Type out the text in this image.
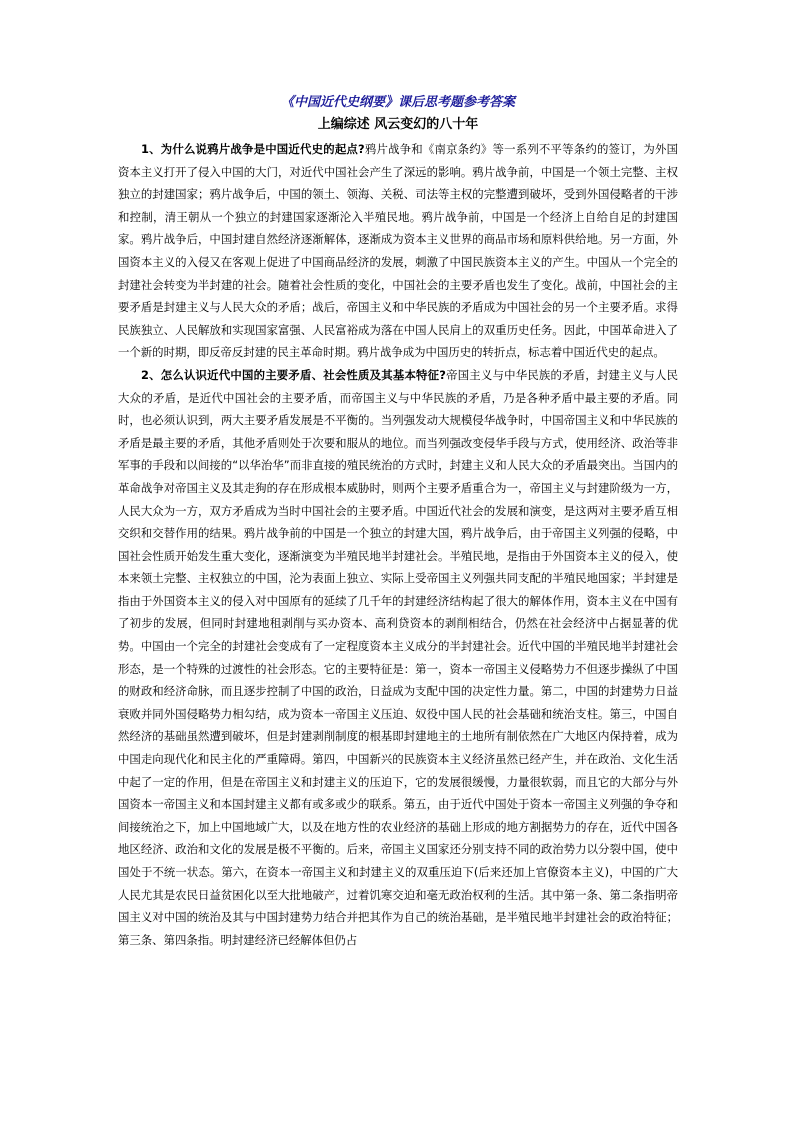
《中国近代史纲要》课后思考题参考答案
上编综述 风云变幻的八十年

1、为什么说鸦片战争是中国近代史的起点?鸦片战争和《南京条约》等一系列不平等条约的签订，为外国资本主义打开了侵入中国的大门，对近代中国社会产生了深远的影响。鸦片战争前，中国是一个领土完整、主权独立的封建国家；鸦片战争后，中国的领土、领海、关税、司法等主权的完整遭到破坏，受到外国侵略者的干涉和控制，清王朝从一个独立的封建国家逐渐沦入半殖民地。鸦片战争前，中国是一个经济上自给自足的封建国家。鸦片战争后，中国封建自然经济逐渐解体，逐渐成为资本主义世界的商品市场和原料供给地。另一方面，外国资本主义的入侵又在客观上促进了中国商品经济的发展，刺激了中国民族资本主义的产生。中国从一个完全的封建社会转变为半封建的社会。随着社会性质的变化，中国社会的主要矛盾也发生了变化。战前，中国社会的主要矛盾是封建主义与人民大众的矛盾；战后，帝国主义和中华民族的矛盾成为中国社会的另一个主要矛盾。求得民族独立、人民解放和实现国家富强、人民富裕成为落在中国人民肩上的双重历史任务。因此，中国革命进入了一个新的时期，即反帝反封建的民主革命时期。鸦片战争成为中国历史的转折点，标志着中国近代史的起点。

2、怎么认识近代中国的主要矛盾、社会性质及其基本特征?帝国主义与中华民族的矛盾，封建主义与人民大众的矛盾，是近代中国社会的主要矛盾，而帝国主义与中华民族的矛盾，乃是各种矛盾中最主要的矛盾。同时，也必须认识到，两大主要矛盾发展是不平衡的。当列强发动大规模侵华战争时，中国帝国主义和中华民族的矛盾是最主要的矛盾，其他矛盾则处于次要和服从的地位。而当列强改变侵华手段与方式，使用经济、政治等非军事的手段和以间接的“以华治华”而非直接的殖民统治的方式时，封建主义和人民大众的矛盾最突出。当国内的革命战争对帝国主义及其走狗的存在形成根本威胁时，则两个主要矛盾重合为一，帝国主义与封建阶级为一方，人民大众为一方，双方矛盾成为当时中国社会的主要矛盾。中国近代社会的发展和演变，是这两对主要矛盾互相交织和交替作用的结果。鸦片战争前的中国是一个独立的封建大国，鸦片战争后，由于帝国主义列强的侵略，中国社会性质开始发生重大变化，逐渐演变为半殖民地半封建社会。半殖民地，是指由于外国资本主义的侵入，使本来领土完整、主权独立的中国，沦为表面上独立、实际上受帝国主义列强共同支配的半殖民地国家；半封建是指由于外国资本主义的侵入对中国原有的延续了几千年的封建经济结构起了很大的解体作用，资本主义在中国有了初步的发展，但同时封建地租剥削与买办资本、高利贷资本的剥削相结合，仍然在社会经济中占据显著的优势。中国由一个完全的封建社会变成有了一定程度资本主义成分的半封建社会。近代中国的半殖民地半封建社会形态，是一个特殊的过渡性的社会形态。它的主要特征是：第一，资本一帝国主义侵略势力不但逐步操纵了中国的财政和经济命脉，而且逐步控制了中国的政治，日益成为支配中国的决定性力量。第二，中国的封建势力日益衰败并同外国侵略势力相勾结，成为资本一帝国主义压迫、奴役中国人民的社会基础和统治支柱。第三，中国自然经济的基础虽然遭到破坏，但是封建剥削制度的根基即封建地主的土地所有制依然在广大地区内保持着，成为中国走向现代化和民主化的严重障碍。第四，中国新兴的民族资本主义经济虽然已经产生，并在政治、文化生活中起了一定的作用，但是在帝国主义和封建主义的压迫下，它的发展很缓慢，力量很软弱，而且它的大部分与外国资本一帝国主义和本国封建主义都有或多或少的联系。第五，由于近代中国处于资本一帝国主义列强的争夺和间接统治之下，加上中国地域广大，以及在地方性的农业经济的基础上形成的地方割据势力的存在，近代中国各地区经济、政治和文化的发展是极不平衡的。后来，帝国主义国家还分别支持不同的政治势力以分裂中国，使中国处于不统一状态。第六，在资本一帝国主义和封建主义的双重压迫下(后来还加上官僚资本主义)，中国的广大人民尤其是农民日益贫困化以至大批地破产，过着饥寒交迫和毫无政治权利的生活。其中第一条、第二条指明帝国主义对中国的统治及其与中国封建势力结合并把其作为自己的统治基础，是半殖民地半封建社会的政治特征；第三条、第四条指。明封建经济已经解体但仍占
